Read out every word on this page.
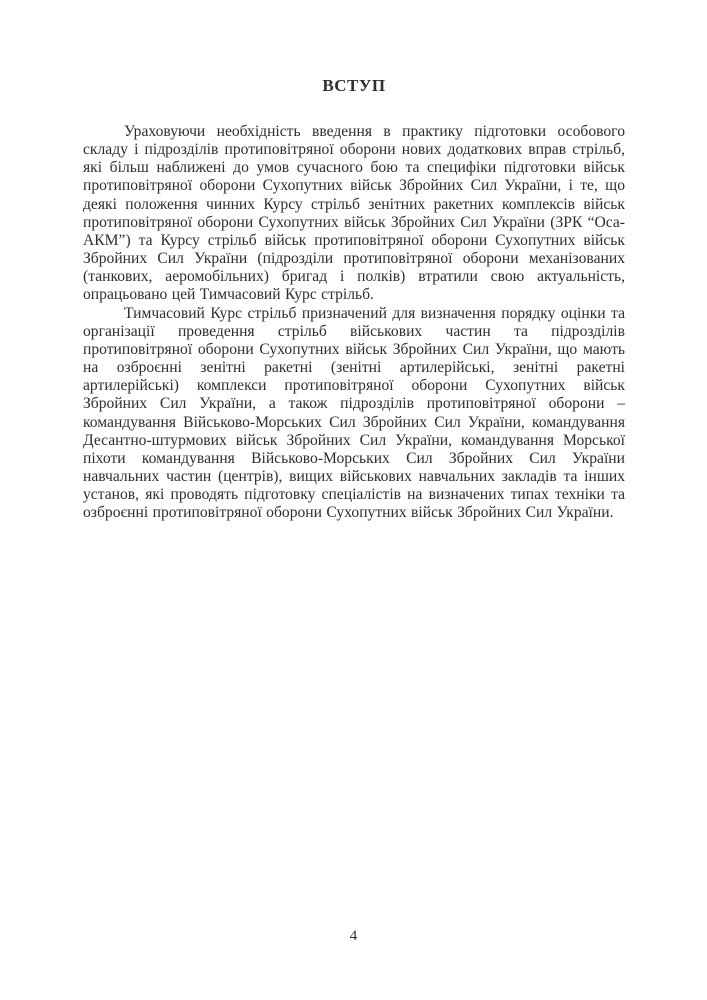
ВСТУП

Ураховуючи необхідність введення в практику підготовки особового складу і підрозділів протиповітряної оборони нових додаткових вправ стрільб, які більш наближені до умов сучасного бою та специфіки підготовки військ протиповітряної оборони Сухопутних військ Збройних Сил України, і те, що деякі положення чинних Курсу стрільб зенітних ракетних комплексів військ протиповітряної оборони Сухопутних військ Збройних Сил України (ЗРК “Оса-АКМ”) та Курсу стрільб військ протиповітряної оборони Сухопутних військ Збройних Сил України (підрозділи протиповітряної оборони механізованих (танкових, аеромобільних) бригад і полків) втратили свою актуальність, опрацьовано цей Тимчасовий Курс стрільб.

Тимчасовий Курс стрільб призначений для визначення порядку оцінки та організації проведення стрільб військових частин та підрозділів протиповітряної оборони Сухопутних військ Збройних Сил України, що мають на озброєнні зенітні ракетні (зенітні артилерійські, зенітні ракетні артилерійські) комплекси протиповітряної оборони Сухопутних військ Збройних Сил України, а також підрозділів протиповітряної оборони – командування Військово-Морських Сил Збройних Сил України, командування Десантно-штурмових військ Збройних Сил України, командування Морської піхоти командування Військово-Морських Сил Збройних Сил України навчальних частин (центрів), вищих військових навчальних закладів та інших установ, які проводять підготовку спеціалістів на визначених типах техніки та озброєнні протиповітряної оборони Сухопутних військ Збройних Сил України.

4
